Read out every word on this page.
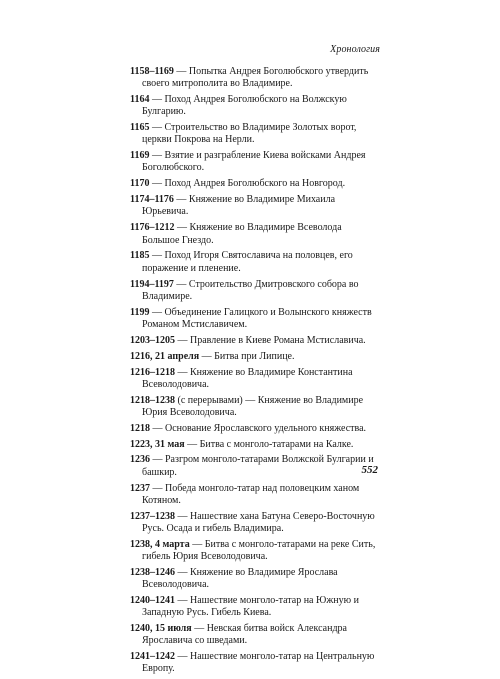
Хронология
1158–1169 — Попытка Андрея Боголюбского утвердить своего митрополита во Владимире.
1164 — Поход Андрея Боголюбского на Волжскую Булгарию.
1165 — Строительство во Владимире Золотых ворот, церкви Покрова на Нерли.
1169 — Взятие и разграбление Киева войсками Андрея Боголюбского.
1170 — Поход Андрея Боголюбского на Новгород.
1174–1176 — Княжение во Владимире Михаила Юрьевича.
1176–1212 — Княжение во Владимире Всеволода Большое Гнездо.
1185 — Поход Игоря Святославича на половцев, его поражение и пленение.
1194–1197 — Строительство Дмитровского собора во Владимире.
1199 — Объединение Галицкого и Волынского княжеств Романом Мстиславичем.
1203–1205 — Правление в Киеве Романа Мстиславича.
1216, 21 апреля — Битва при Липице.
1216–1218 — Княжение во Владимире Константина Всеволодовича.
1218–1238 (с перерывами) — Княжение во Владимире Юрия Всеволодовича.
1218 — Основание Ярославского удельного княжества.
1223, 31 мая — Битва с монголо-татарами на Калке.
1236 — Разгром монголо-татарами Волжской Булгарии и башкир.
1237 — Победа монголо-татар над половецким ханом Котяном.
1237–1238 — Нашествие хана Батуна Северо-Восточную Русь. Осада и гибель Владимира.
1238, 4 марта — Битва с монголо-татарами на реке Сить, гибель Юрия Всеволодовича.
1238–1246 — Княжение во Владимире Ярослава Всеволодовича.
1240–1241 — Нашествие монголо-татар на Южную и Западную Русь. Гибель Киева.
1240, 15 июля — Невская битва войск Александра Ярославича со шведами.
1241–1242 — Нашествие монголо-татар на Центральную Европу.
552
